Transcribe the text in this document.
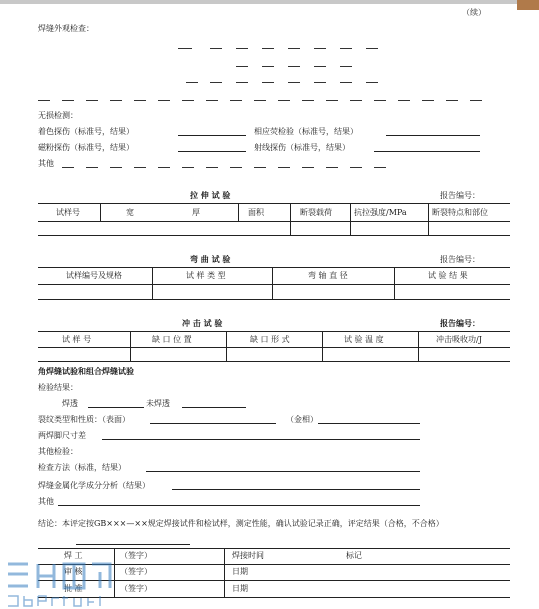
（续）
焊缝外观检查：
无损检测：
着色探伤（标准号，结果）	相应荧检验（标准号，结果）
磁粉探伤（标准号，结果）	射线探伤（标准号，结果）
其他
拉 伸 试 验	报告编号：
试样号	宽	厚	面积	断裂载荷	抗拉强度/MPa	断裂特点和部位
弯 曲 试 验	报告编号：
试样编号及规格	试 样 类 型	弯 轴 直 径	试 验 结 果
冲 击 试 验	报告编号：
试 样 号	缺 口 位 置	缺 口 形 式	试 验 温 度	冲击吸收功/J
角焊缝试验和组合焊缝试验
检验结果：
焊透	未焊透
裂纹类型和性质：（表面）	（金相）
两焊脚尺寸差
其他检验：
检查方法（标准，结果）
焊缝金属化学成分分析（结果）
其他
结论：本评定按GB×××—××规定焊接试件和检试样，测定性能，确认试验记录正确，评定结果（合格，不合格）
焊 工	（签字）	焊接时间	标记
审 核	（签字）	日期
批 准	（签字）	日期
